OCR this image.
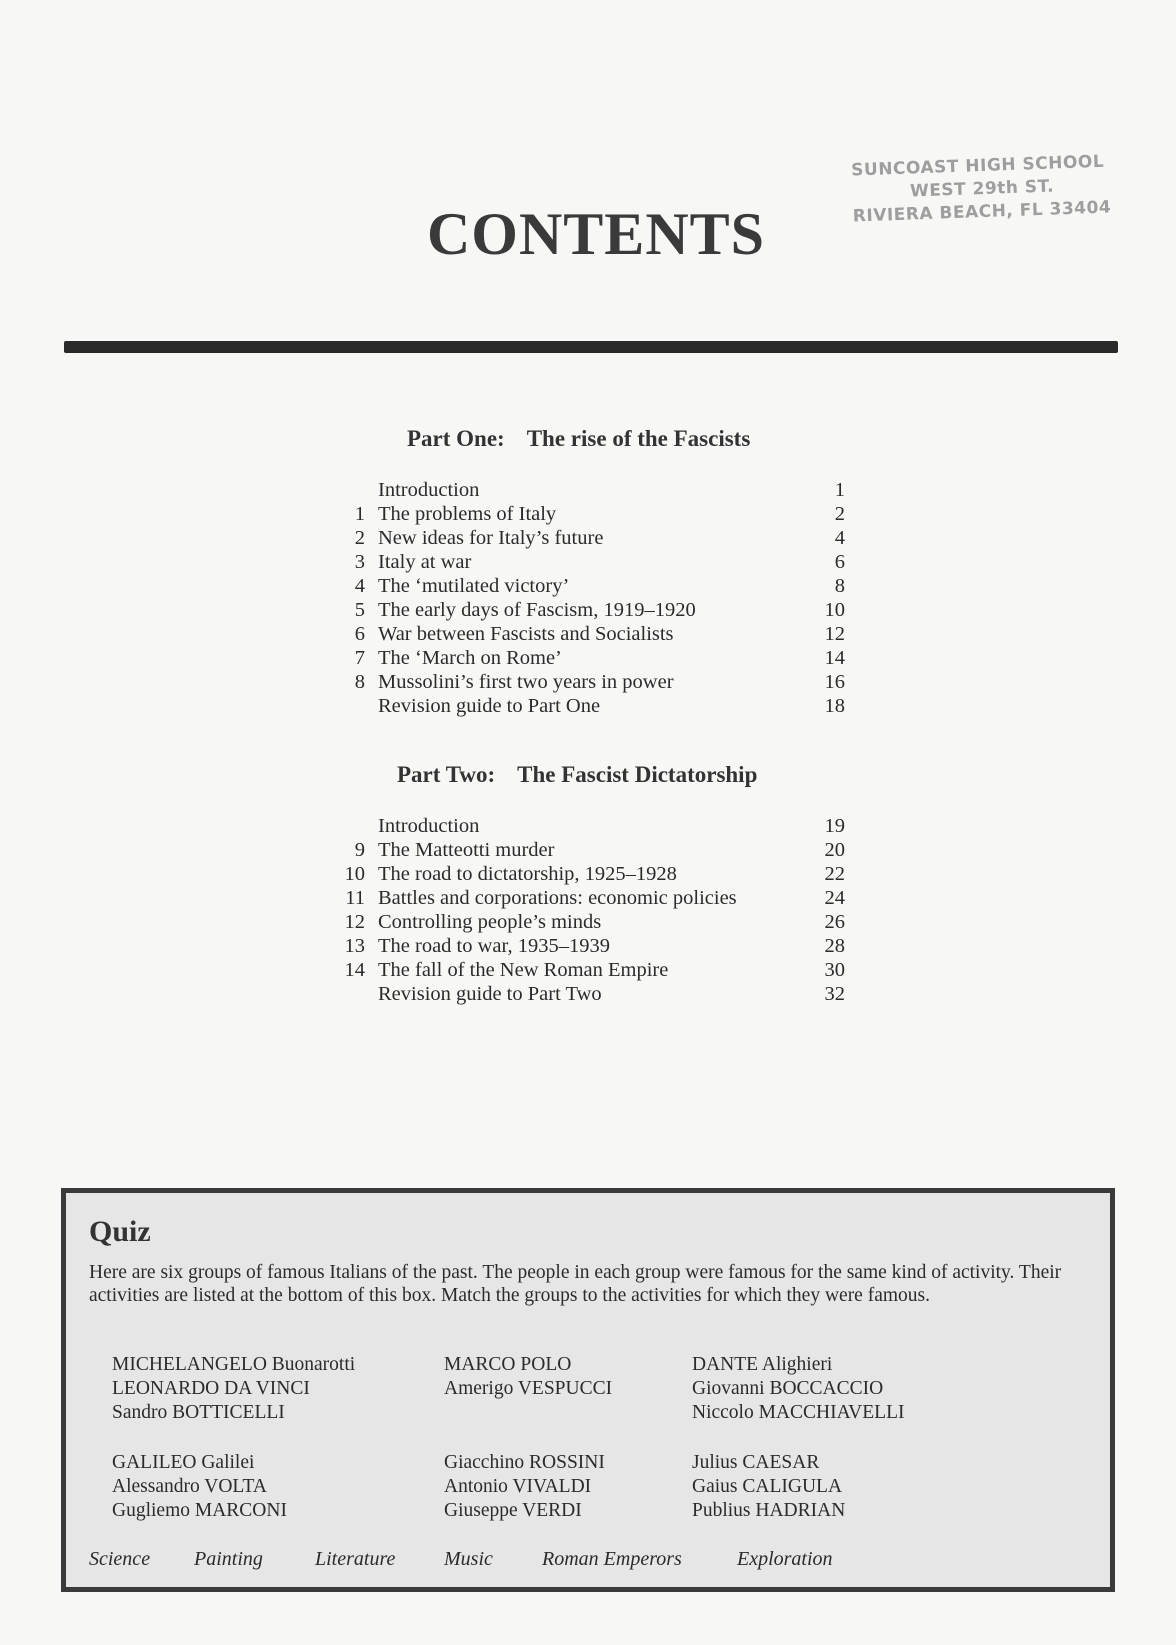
SUNCOAST HIGH SCHOOL
WEST 29th ST.
RIVIERA BEACH, FL 33404
CONTENTS
Part One: The rise of the Fascists
Introduction	1
1 The problems of Italy	2
2 New ideas for Italy’s future	4
3 Italy at war	6
4 The ‘mutilated victory’	8
5 The early days of Fascism, 1919–1920	10
6 War between Fascists and Socialists	12
7 The ‘March on Rome’	14
8 Mussolini’s first two years in power	16
Revision guide to Part One	18
Part Two: The Fascist Dictatorship
Introduction	19
9 The Matteotti murder	20
10 The road to dictatorship, 1925–1928	22
11 Battles and corporations: economic policies	24
12 Controlling people’s minds	26
13 The road to war, 1935–1939	28
14 The fall of the New Roman Empire	30
Revision guide to Part Two	32
Quiz
Here are six groups of famous Italians of the past. The people in each group were famous for the same kind of activity. Their activities are listed at the bottom of this box. Match the groups to the activities for which they were famous.
MICHELANGELO Buonarotti
LEONARDO DA VINCI
Sandro BOTTICELLI
MARCO POLO
Amerigo VESPUCCI
DANTE Alighieri
Giovanni BOCCACCIO
Niccolo MACCHIAVELLI
GALILEO Galilei
Alessandro VOLTA
Gugliemo MARCONI
Giacchino ROSSINI
Antonio VIVALDI
Giuseppe VERDI
Julius CAESAR
Gaius CALIGULA
Publius HADRIAN
Science	Painting	Literature	Music	Roman Emperors	Exploration
